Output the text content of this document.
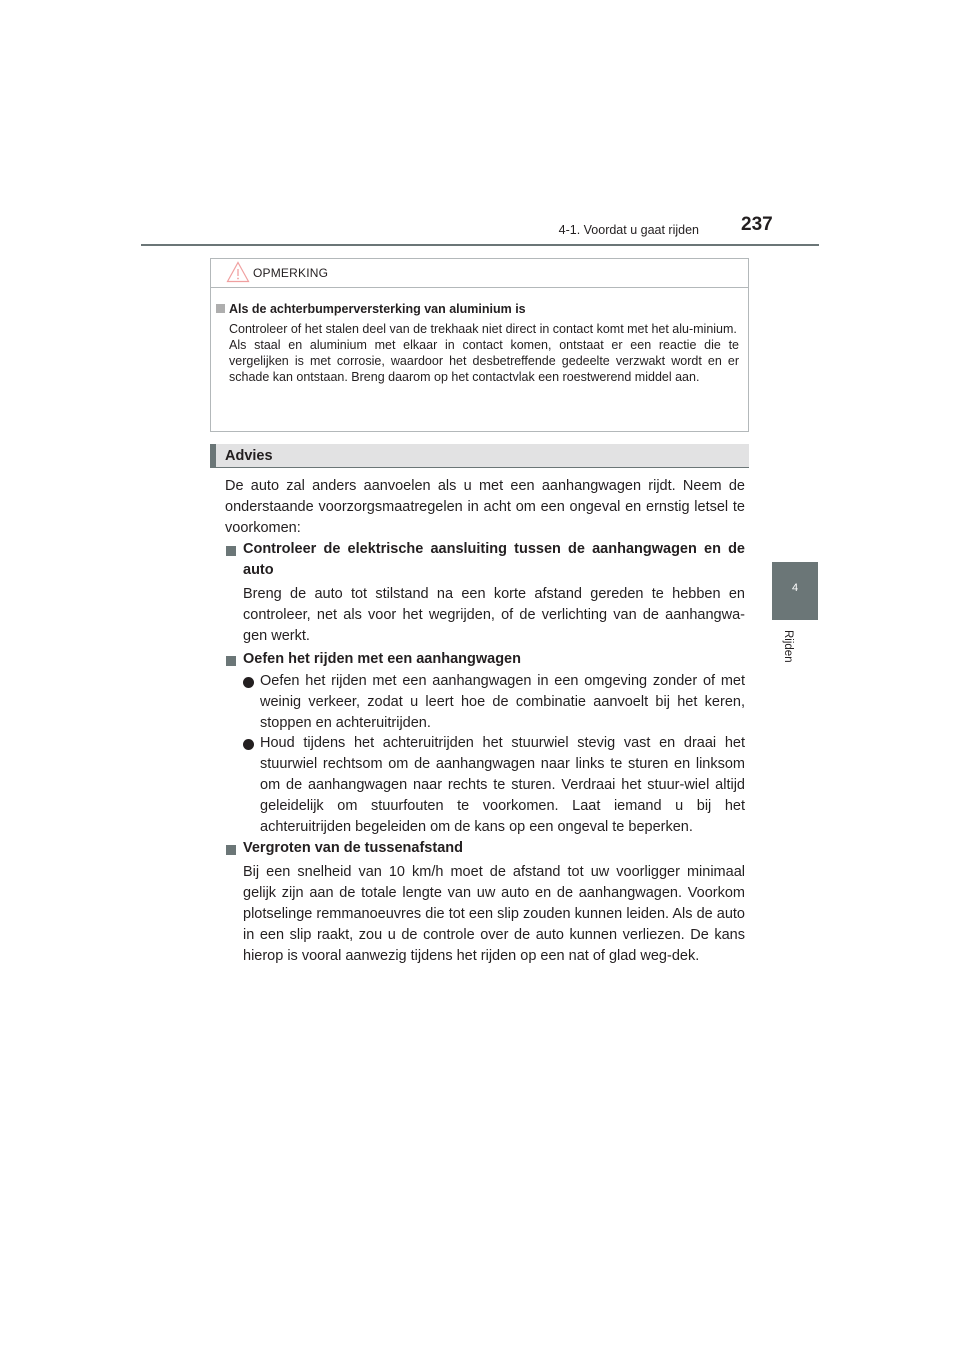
4-1. Voordat u gaat rijden 237
4
Rijden
OPMERKING
Als de achterbumperversterking van aluminium is

Controleer of het stalen deel van de trekhaak niet direct in contact komt met het alu-minium.

Als staal en aluminium met elkaar in contact komen, ontstaat er een reactie die te vergelijken is met corrosie, waardoor het desbetreffende gedeelte verzwakt wordt en er schade kan ontstaan. Breng daarom op het contactvlak een roestwerend middel aan.

Advies

De auto zal anders aanvoelen als u met een aanhangwagen rijdt. Neem de onderstaande voorzorgsmaatregelen in acht om een ongeval en ernstig letsel te voorkomen:

Controleer de elektrische aansluiting tussen de aanhangwagen en de auto

Breng de auto tot stilstand na een korte afstand gereden te hebben en controleer, net als voor het wegrijden, of de verlichting van de aanhangwa-gen werkt.

Oefen het rijden met een aanhangwagen

Oefen het rijden met een aanhangwagen in een omgeving zonder of met weinig verkeer, zodat u leert hoe de combinatie aanvoelt bij het keren, stoppen en achteruitrijden.

Houd tijdens het achteruitrijden het stuurwiel stevig vast en draai het stuurwiel rechtsom om de aanhangwagen naar links te sturen en linksom om de aanhangwagen naar rechts te sturen. Verdraai het stuur-wiel altijd geleidelijk om stuurfouten te voorkomen. Laat iemand u bij het achteruitrijden begeleiden om de kans op een ongeval te beperken.

Vergroten van de tussenafstand

Bij een snelheid van 10 km/h moet de afstand tot uw voorligger minimaal gelijk zijn aan de totale lengte van uw auto en de aanhangwagen. Voorkom plotselinge remmanoeuvres die tot een slip zouden kunnen leiden. Als de auto in een slip raakt, zou u de controle over de auto kunnen verliezen. De kans hierop is vooral aanwezig tijdens het rijden op een nat of glad weg-dek.
